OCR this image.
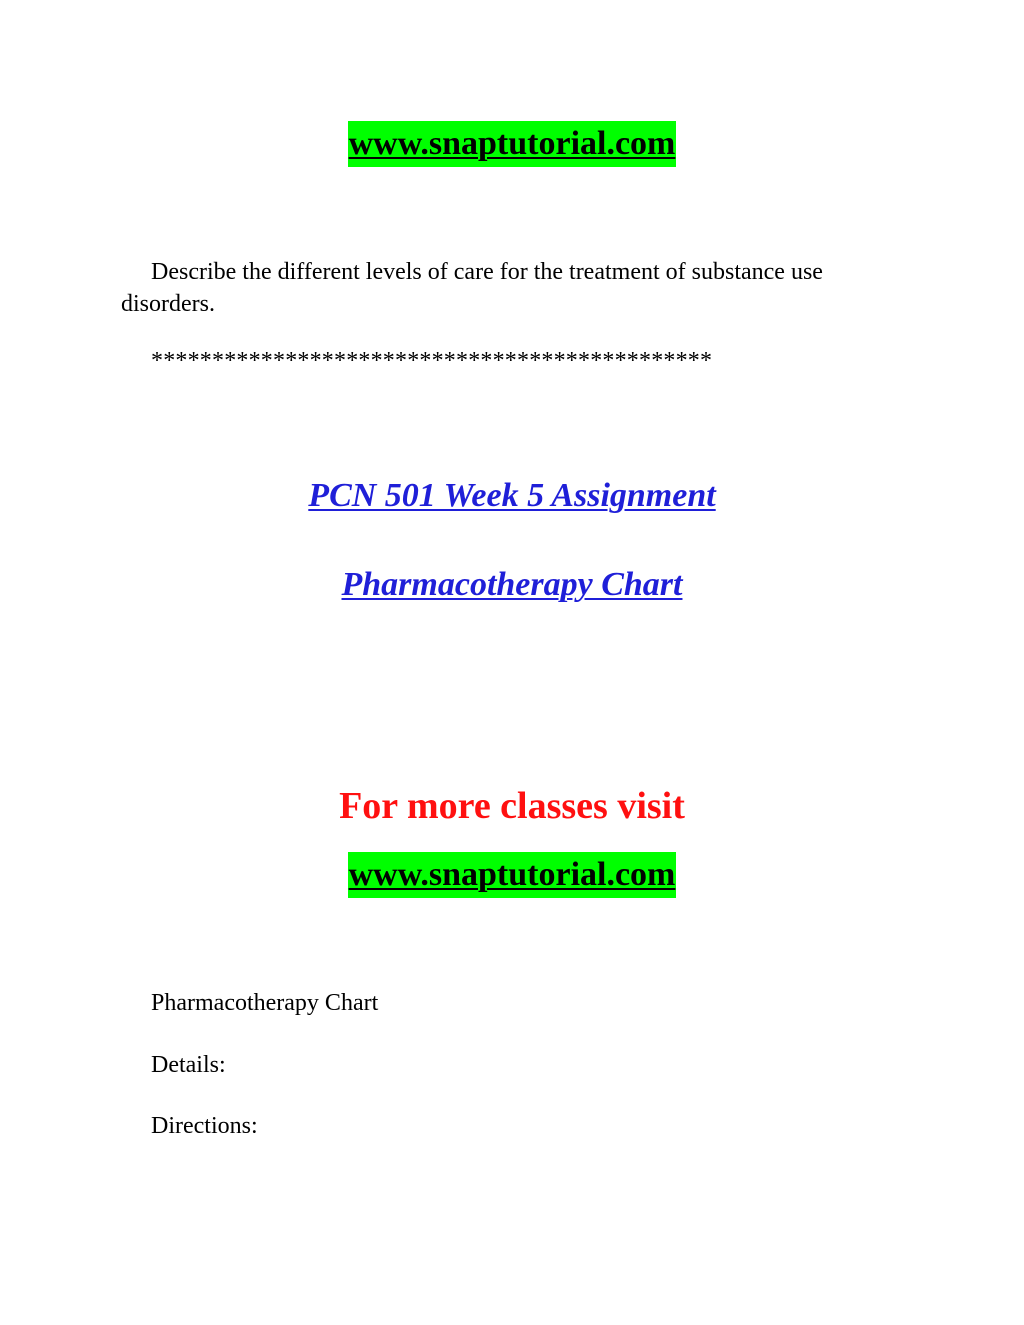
www.snaptutorial.com

Describe the different levels of care for the treatment of substance use disorders.

**********************************************
PCN 501 Week 5 Assignment
Pharmacotherapy Chart
For more classes visit
www.snaptutorial.com
Pharmacotherapy Chart
Details:
Directions:
